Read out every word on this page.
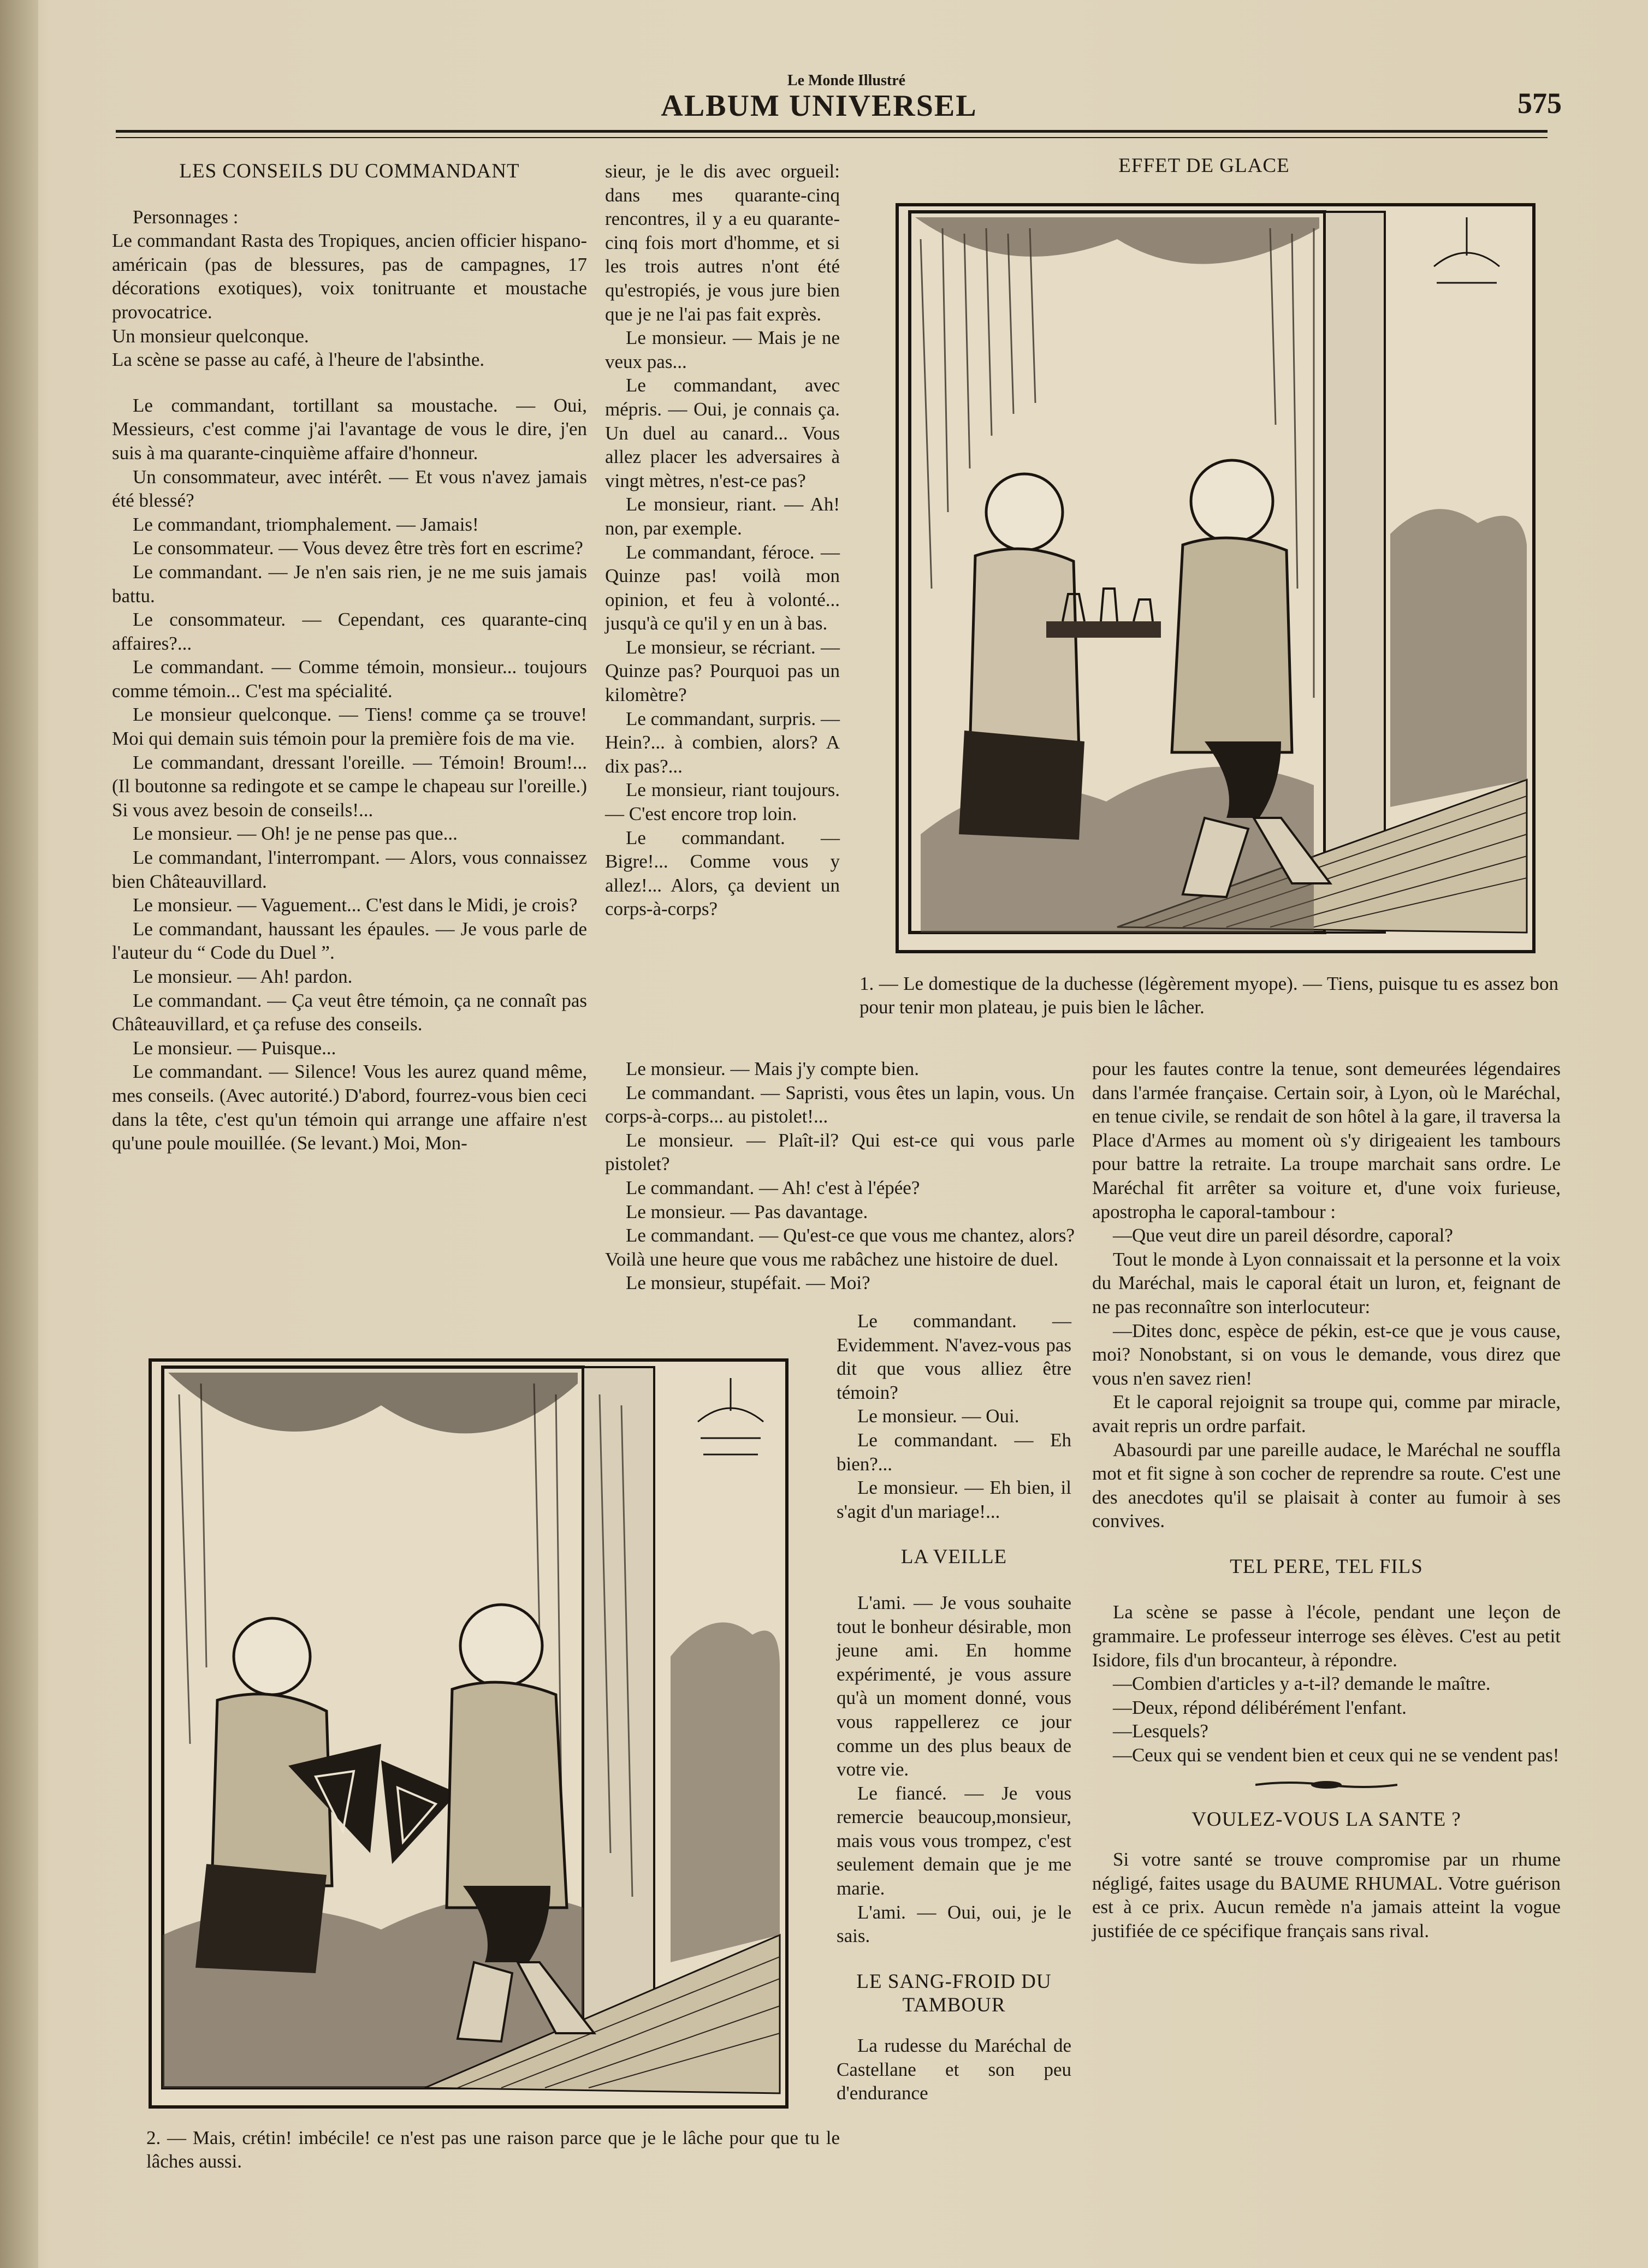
Le Monde Illustré
ALBUM UNIVERSEL	575
LES CONSEILS DU COMMANDANT

Personnages :

Le commandant Rasta des Tropiques, ancien officier hispano-américain (pas de blessures, pas de campagnes, 17 décorations exotiques), voix tonitruante et moustache provocatrice.

Un monsieur quelconque.

La scène se passe au café, à l'heure de l'absinthe.

Le commandant, tortillant sa moustache. — Oui, Messieurs, c'est comme j'ai l'avantage de vous le dire, j'en suis à ma quarante-cinquième affaire d'honneur.

Un consommateur, avec intérêt. — Et vous n'avez jamais été blessé?

Le commandant, triomphalement. — Jamais!

Le consommateur. — Vous devez être très fort en escrime?

Le commandant. — Je n'en sais rien, je ne me suis jamais battu.

Le consommateur. — Cependant, ces quarante-cinq affaires?...

Le commandant. — Comme témoin, monsieur... toujours comme témoin... C'est ma spécialité.

Le monsieur quelconque. — Tiens! comme ça se trouve! Moi qui demain suis témoin pour la première fois de ma vie.

Le commandant, dressant l'oreille. — Témoin! Broum!... (Il boutonne sa redingote et se campe le chapeau sur l'oreille.) Si vous avez besoin de conseils!...

Le monsieur. — Oh! je ne pense pas que...

Le commandant, l'interrompant. — Alors, vous connaissez bien Châteauvillard.

Le monsieur. — Vaguement... C'est dans le Midi, je crois?

Le commandant, haussant les épaules. — Je vous parle de l'auteur du “ Code du Duel ”.

Le monsieur. — Ah! pardon.

Le commandant. — Ça veut être témoin, ça ne connaît pas Châteauvillard, et ça refuse des conseils.

Le monsieur. — Puisque...

Le commandant. — Silence! Vous les aurez quand même, mes conseils. (Avec autorité.) D'abord, fourrez-vous bien ceci dans la tête, c'est qu'un témoin qui arrange une affaire n'est qu'une poule mouillée. (Se levant.) Moi, Mon-

sieur, je le dis avec orgueil: dans mes quarante-cinq rencontres, il y a eu quarante-cinq fois mort d'homme, et si les trois autres n'ont été qu'estropiés, je vous jure bien que je ne l'ai pas fait exprès.

Le monsieur. — Mais je ne veux pas...

Le commandant, avec mépris. — Oui, je connais ça. Un duel au canard... Vous allez placer les adversaires à vingt mètres, n'est-ce pas?

Le monsieur, riant. — Ah! non, par exemple.

Le commandant, féroce. — Quinze pas! voilà mon opinion, et feu à volonté... jusqu'à ce qu'il y en un à bas.

Le monsieur, se récriant. — Quinze pas? Pourquoi pas un kilomètre?

Le commandant, surpris. — Hein?... à combien, alors? A dix pas?...

Le monsieur, riant toujours. — C'est encore trop loin.

Le commandant. — Bigre!... Comme vous y allez!... Alors, ça devient un corps-à-corps?

Le monsieur. — Mais j'y compte bien.

Le commandant. — Sapristi, vous êtes un lapin, vous. Un corps-à-corps... au pistolet!...

Le monsieur. — Plaît-il? Qui est-ce qui vous parle pistolet?

Le commandant. — Ah! c'est à l'épée?

Le monsieur. — Pas davantage.

Le commandant. — Qu'est-ce que vous me chantez, alors? Voilà une heure que vous me rabâchez une histoire de duel.

Le monsieur, stupéfait. — Moi?

Le commandant. — Evidemment. N'avez-vous pas dit que vous alliez être témoin?

Le monsieur. — Oui.

Le commandant. — Eh bien?...

Le monsieur. — Eh bien, il s'agit d'un mariage!...

LA VEILLE

L'ami. — Je vous souhaite tout le bonheur désirable, mon jeune ami. En homme expérimenté, je vous assure qu'à un moment donné, vous vous rappellerez ce jour comme un des plus beaux de votre vie.

Le fiancé. — Je vous remercie beaucoup,monsieur, mais vous vous trompez, c'est seulement demain que je me marie.

L'ami. — Oui, oui, je le sais.

LE SANG-FROID DU TAMBOUR

La rudesse du Maréchal de Castellane et son peu d'endurance

EFFET DE GLACE
1. — Le domestique de la duchesse (légèrement myope). — Tiens, puisque tu es assez bon pour tenir mon plateau, je puis bien le lâcher.

pour les fautes contre la tenue, sont demeurées légendaires dans l'armée française. Certain soir, à Lyon, où le Maréchal, en tenue civile, se rendait de son hôtel à la gare, il traversa la Place d'Armes au moment où s'y dirigeaient les tambours pour battre la retraite. La troupe marchait sans ordre. Le Maréchal fit arrêter sa voiture et, d'une voix furieuse, apostropha le caporal-tambour :

—Que veut dire un pareil désordre, caporal?

Tout le monde à Lyon connaissait et la personne et la voix du Maréchal, mais le caporal était un luron, et, feignant de ne pas reconnaître son interlocuteur:

—Dites donc, espèce de pékin, est-ce que je vous cause, moi? Nonobstant, si on vous le demande, vous direz que vous n'en savez rien!

Et le caporal rejoignit sa troupe qui, comme par miracle, avait repris un ordre parfait.

Abasourdi par une pareille audace, le Maréchal ne souffla mot et fit signe à son cocher de reprendre sa route. C'est une des anecdotes qu'il se plaisait à conter au fumoir à ses convives.

TEL PERE, TEL FILS

La scène se passe à l'école, pendant une leçon de grammaire. Le professeur interroge ses élèves. C'est au petit Isidore, fils d'un brocanteur, à répondre.

—Combien d'articles y a-t-il? demande le maître.

—Deux, répond délibérément l'enfant.

—Lesquels?

—Ceux qui se vendent bien et ceux qui ne se vendent pas!

VOULEZ-VOUS LA SANTE ?

Si votre santé se trouve compromise par un rhume négligé, faites usage du BAUME RHUMAL. Votre guérison est à ce prix. Aucun remède n'a jamais atteint la vogue justifiée de ce spécifique français sans rival.

2. — Mais, crétin! imbécile! ce n'est pas une raison parce que je le lâche pour que tu le lâches aussi.
